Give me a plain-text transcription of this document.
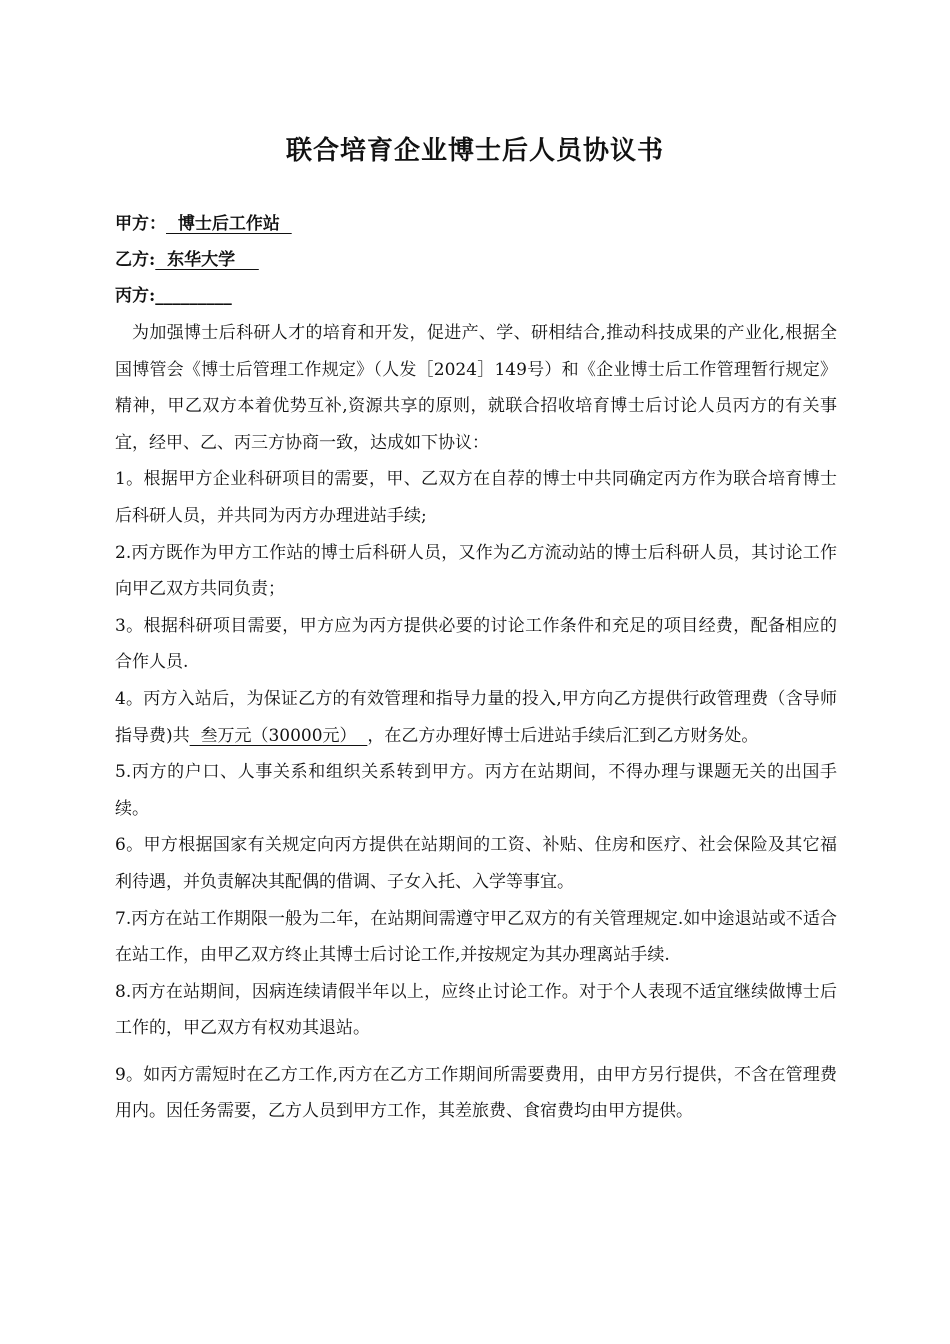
联合培育企业博士后人员协议书
甲方：  博士后工作站
乙方:  东华大学
丙方:_________

为加强博士后科研人才的培育和开发，促进产、学、研相结合,推动科技成果的产业化,根据全国博管会《博士后管理工作规定》（人发［2024］149号）和《企业博士后工作管理暂行规定》精神，甲乙双方本着优势互补,资源共享的原则，就联合招收培育博士后讨论人员丙方的有关事宜，经甲、乙、丙三方协商一致，达成如下协议：

1。根据甲方企业科研项目的需要，甲、乙双方在自荐的博士中共同确定丙方作为联合培育博士后科研人员，并共同为丙方办理进站手续;

2.丙方既作为甲方工作站的博士后科研人员，又作为乙方流动站的博士后科研人员，其讨论工作向甲乙双方共同负责；

3。根据科研项目需要，甲方应为丙方提供必要的讨论工作条件和充足的项目经费，配备相应的合作人员.

4。丙方入站后，为保证乙方的有效管理和指导力量的投入,甲方向乙方提供行政管理费（含导师指导费)共  叁万元（30000元）  ，在乙方办理好博士后进站手续后汇到乙方财务处。

5.丙方的户口、人事关系和组织关系转到甲方。丙方在站期间，不得办理与课题无关的出国手续。

6。甲方根据国家有关规定向丙方提供在站期间的工资、补贴、住房和医疗、社会保险及其它福利待遇，并负责解决其配偶的借调、子女入托、入学等事宜。

7.丙方在站工作期限一般为二年，在站期间需遵守甲乙双方的有关管理规定.如中途退站或不适合在站工作，由甲乙双方终止其博士后讨论工作,并按规定为其办理离站手续.

8.丙方在站期间，因病连续请假半年以上，应终止讨论工作。对于个人表现不适宜继续做博士后工作的，甲乙双方有权劝其退站。

9。如丙方需短时在乙方工作,丙方在乙方工作期间所需要费用，由甲方另行提供，不含在管理费用内。因任务需要，乙方人员到甲方工作，其差旅费、食宿费均由甲方提供。
